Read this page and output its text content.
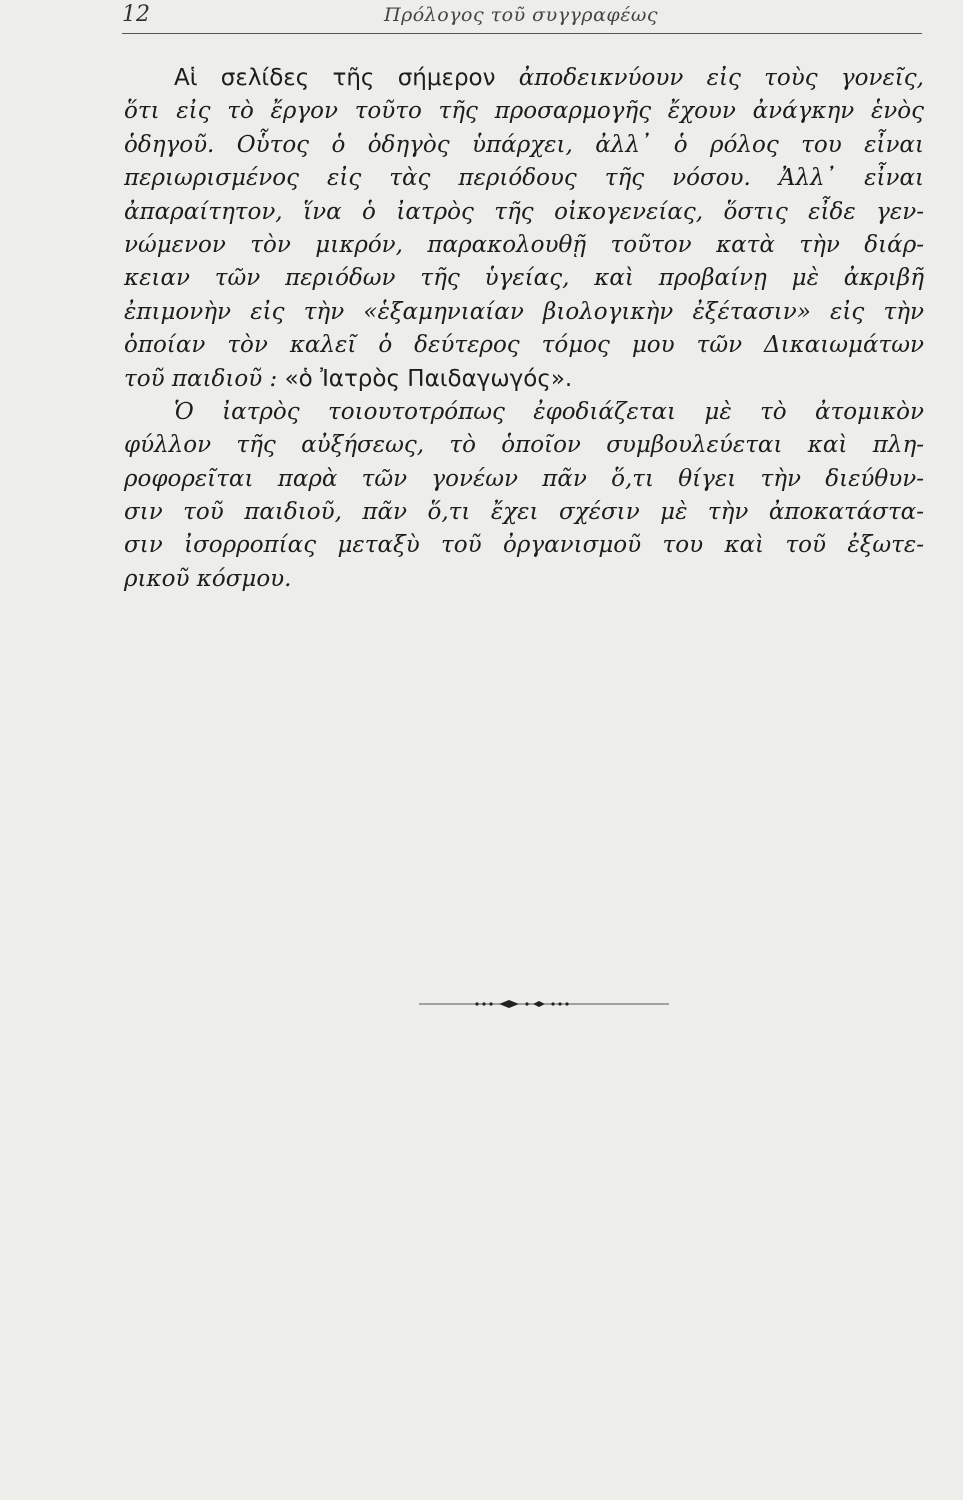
12	Πρόλογος τοῦ συγγραφέως
Αἱ σελίδες τῆς σήμερον ἀποδεικνύουν εἰς τοὺς γονεῖς,
ὅτι εἰς τὸ ἔργον τοῦτο τῆς προσαρμογῆς ἔχουν ἀνάγκην ἑνὸς
ὁδηγοῦ. Οὗτος ὁ ὁδηγὸς ὑπάρχει, ἀλλ᾽ ὁ ρόλος του εἶναι
περιωρισμένος εἰς τὰς περιόδους τῆς νόσου. Ἀλλ᾽ εἶναι
ἀπαραίτητον, ἵνα ὁ ἰατρὸς τῆς οἰκογενείας, ὅστις εἶδε γεν-
νώμενον τὸν μικρόν, παρακολουθῇ τοῦτον κατὰ τὴν διάρ-
κειαν τῶν περιόδων τῆς ὑγείας, καὶ προβαίνῃ μὲ ἀκριβῆ
ἐπιμονὴν εἰς τὴν «ἑξαμηνιαίαν βιολογικὴν ἐξέτασιν» εἰς τὴν
ὁποίαν τὸν καλεῖ ὁ δεύτερος τόμος μου τῶν Δικαιωμάτων
τοῦ παιδιοῦ : «ὁ Ἰατρὸς Παιδαγωγός».
Ὁ ἰατρὸς τοιουτοτρόπως ἐφοδιάζεται μὲ τὸ ἀτομικὸν
φύλλον τῆς αὐξήσεως, τὸ ὁποῖον συμβουλεύεται καὶ πλη-
ροφορεῖται παρὰ τῶν γονέων πᾶν ὅ,τι θίγει τὴν διεύθυν-
σιν τοῦ παιδιοῦ, πᾶν ὅ,τι ἔχει σχέσιν μὲ τὴν ἀποκατάστα-
σιν ἰσορροπίας μεταξὺ τοῦ ὀργανισμοῦ του καὶ τοῦ ἐξωτε-
ρικοῦ κόσμου.
